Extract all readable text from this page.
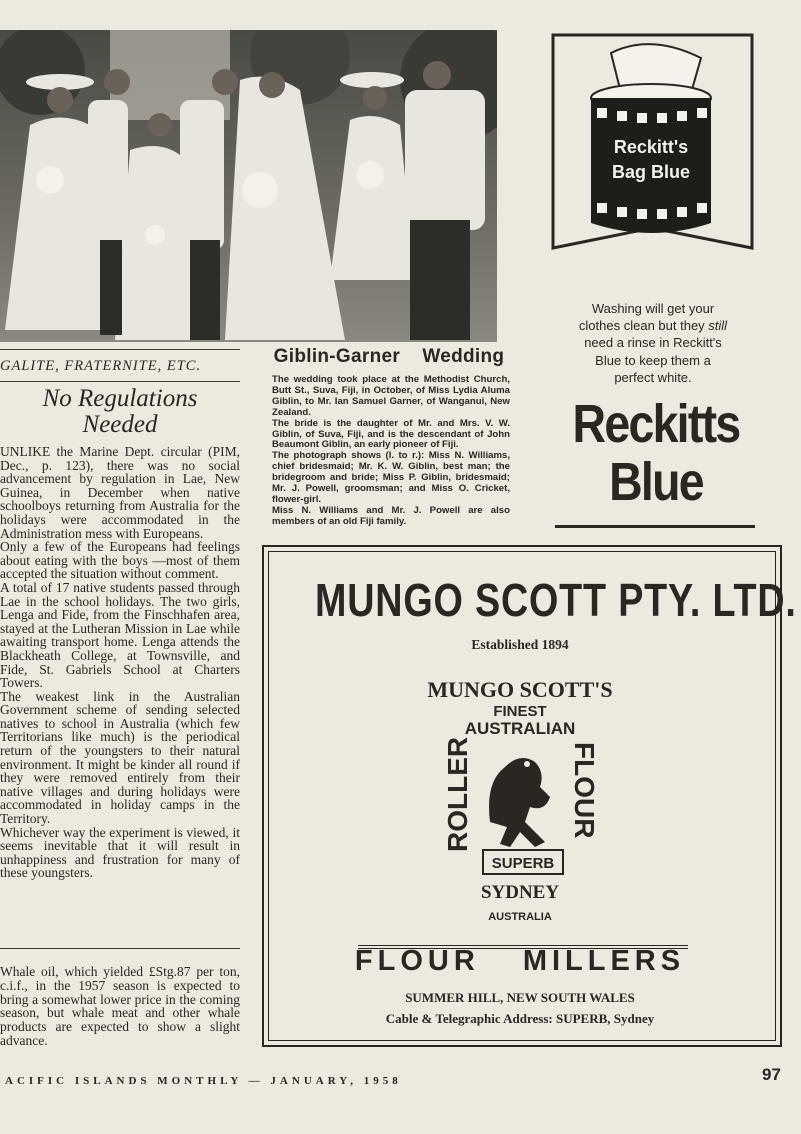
GALITE, FRATERNITE, ETC.
No Regulations
Needed

UNLIKE the Marine Dept. circular (PIM, Dec., p. 123), there was no social advancement by regulation in Lae, New Guinea, in December when native schoolboys returning from Australia for the holidays were accommodated in the Administration mess with Europeans.

Only a few of the Europeans had feelings about eating with the boys —most of them accepted the situation without comment.

A total of 17 native students passed through Lae in the school holidays. The two girls, Lenga and Fide, from the Finschhafen area, stayed at the Lutheran Mission in Lae while awaiting transport home. Lenga attends the Blackheath College, at Townsville, and Fide, St. Gabriels School at Charters Towers.

The weakest link in the Australian Government scheme of sending selected natives to school in Australia (which few Territorians like much) is the periodical return of the youngsters to their natural environment. It might be kinder all round if they were removed entirely from their native villages and during holidays were accommodated in holiday camps in the Territory.

Whichever way the experiment is viewed, it seems inevitable that it will result in unhappiness and frustration for many of these youngsters.

Whale oil, which yielded £Stg.87 per ton, c.i.f., in the 1957 season is expected to bring a somewhat lower price in the coming season, but whale meat and other whale products are expected to show a slight advance.

Giblin-Garner    Wedding

The wedding took place at the Methodist Church, Butt St., Suva, Fiji, in October, of Miss Lydia Aluma Giblin, to Mr. Ian Samuel Garner, of Wanganui, New Zealand.

The bride is the daughter of Mr. and Mrs. V. W. Giblin, of Suva, Fiji, and is the descendant of John Beaumont Giblin, an early pioneer of Fiji.

The photograph shows (l. to r.): Miss N. Williams, chief bridesmaid; Mr. K. W. Giblin, best man; the bridegroom and bride; Miss P. Giblin, bridesmaid; Mr. J. Powell, groomsman; and Miss O. Cricket, flower-girl.

Miss N. Williams and Mr. J. Powell are also members of an old Fiji family.

Reckitt's
Bag Blue
Washing will get your clothes clean but they still need a rinse in Reckitt's Blue to keep them a perfect white.
Reckitts
Blue
MUNGO SCOTT PTY. LTD.
Established 1894
MUNGO SCOTT'S
FINEST
AUSTRALIAN
ROLLER	FLOUR
SUPERB
SYDNEY
AUSTRALIA
FLOUR MILLERS
SUMMER HILL, NEW SOUTH WALES
Cable & Telegraphic Address: SUPERB, Sydney
ACIFIC ISLANDS MONTHLY — JANUARY, 1958	97
